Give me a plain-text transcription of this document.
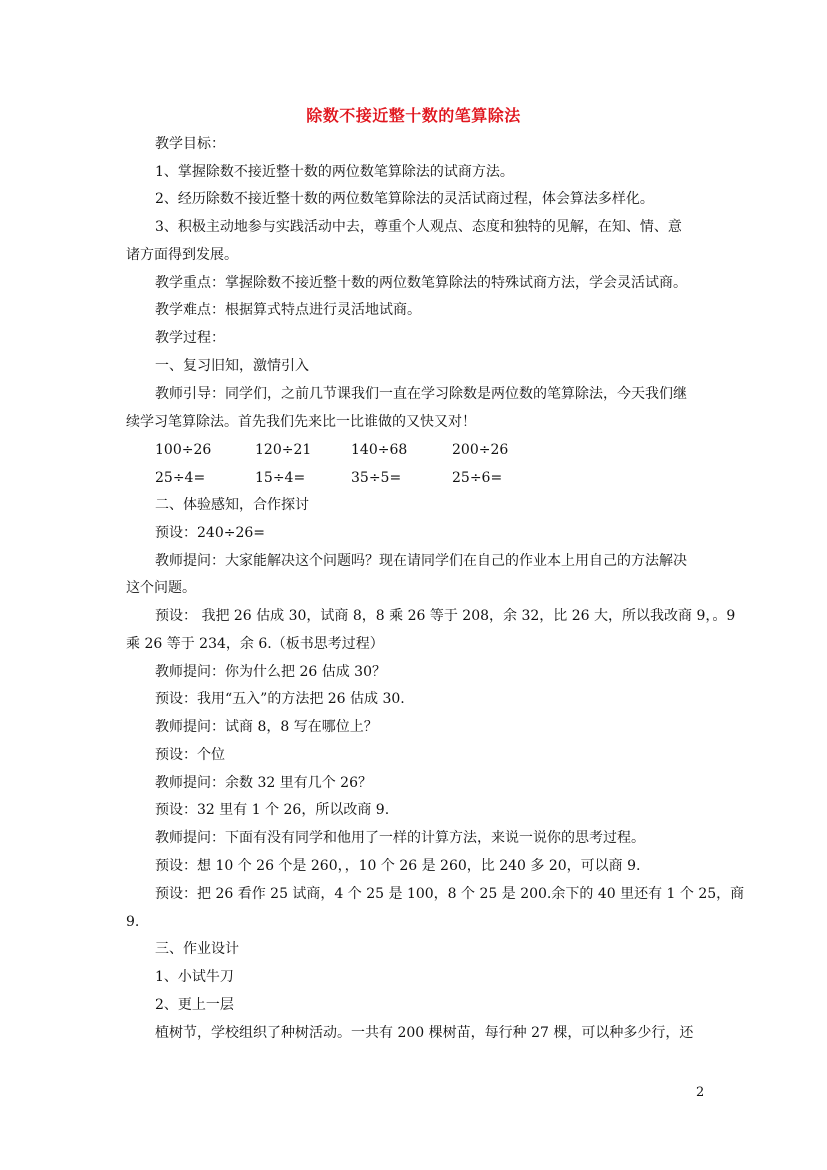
除数不接近整十数的笔算除法
教学目标：
1、掌握除数不接近整十数的两位数笔算除法的试商方法。
2、经历除数不接近整十数的两位数笔算除法的灵活试商过程，体会算法多样化。
3、积极主动地参与实践活动中去，尊重个人观点、态度和独特的见解，在知、情、意
诸方面得到发展。
教学重点：掌握除数不接近整十数的两位数笔算除法的特殊试商方法，学会灵活试商。
教学难点：根据算式特点进行灵活地试商。
教学过程：
一、复习旧知，激情引入
教师引导：同学们，之前几节课我们一直在学习除数是两位数的笔算除法，今天我们继
续学习笔算除法。首先我们先来比一比谁做的又快又对！
100÷26	120÷21	140÷68	200÷26
25÷4=	15÷4=	35÷5=	25÷6=
二、体验感知，合作探讨
预设：240÷26=
教师提问：大家能解决这个问题吗？现在请同学们在自己的作业本上用自己的方法解决
这个问题。
预设： 我把 26 估成 30，试商 8，8 乘 26 等于 208，余 32，比 26 大，所以我改商 9，。9
乘 26 等于 234，余 6.（板书思考过程）
教师提问：你为什么把 26 估成 30？
预设：我用“五入”的方法把 26 估成 30.
教师提问：试商 8，8 写在哪位上？
预设：个位
教师提问：余数 32 里有几个 26？
预设：32 里有 1 个 26，所以改商 9.
教师提问：下面有没有同学和他用了一样的计算方法，来说一说你的思考过程。
预设：想 10 个 26 个是 260，，10 个 26 是 260，比 240 多 20，可以商 9.
预设：把 26 看作 25 试商，4 个 25 是 100，8 个 25 是 200.余下的 40 里还有 1 个 25，商
9.
三、作业设计
1、小试牛刀
2、更上一层
植树节，学校组织了种树活动。一共有 200 棵树苗，每行种 27 棵，可以种多少行，还
2
